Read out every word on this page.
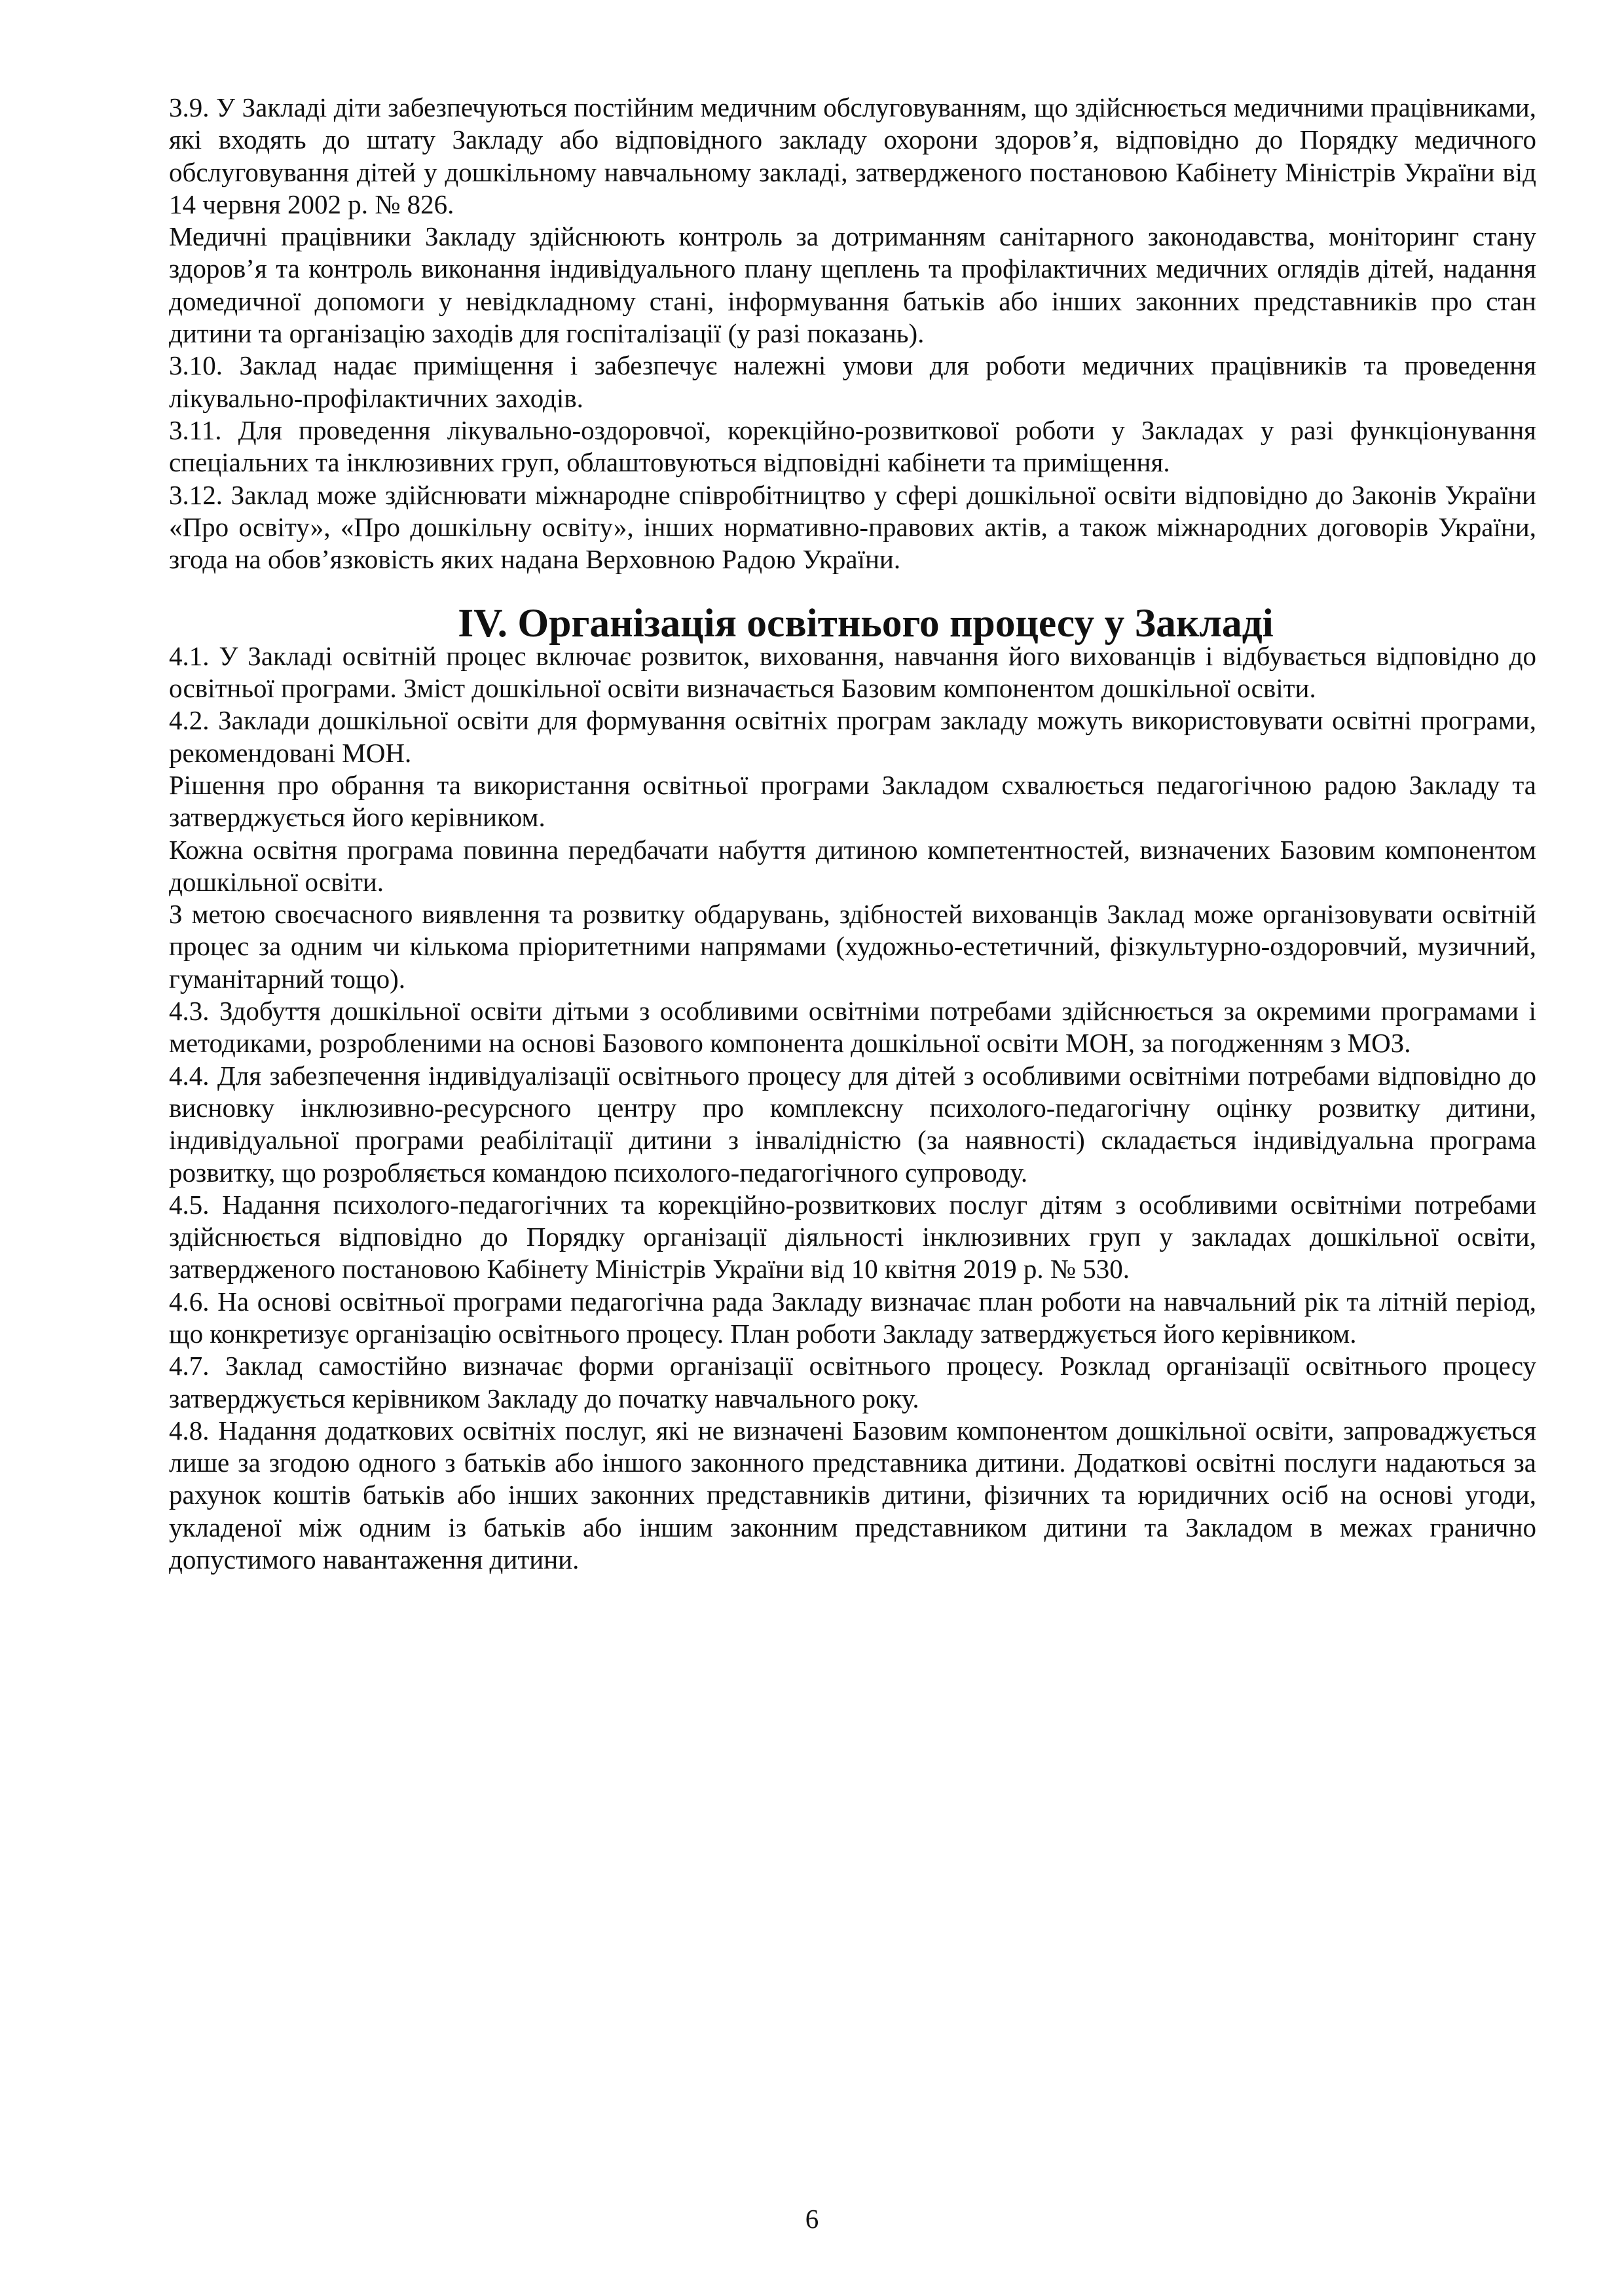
3.9. У Закладі діти забезпечуються постійним медичним обслуговуванням, що здійснюється медичними працівниками, які входять до штату Закладу або відповідного закладу охорони здоров’я, відповідно до Порядку медичного обслуговування дітей у дошкільному навчальному закладі, затвердженого постановою Кабінету Міністрів України від 14 червня 2002 р. № 826.

Медичні працівники Закладу здійснюють контроль за дотриманням санітарного законодавства, моніторинг стану здоров’я та контроль виконання індивідуального плану щеплень та профілактичних медичних оглядів дітей, надання домедичної допомоги у невідкладному стані, інформування батьків або інших законних представників про стан дитини та організацію заходів для госпіталізації (у разі показань).

3.10. Заклад надає приміщення і забезпечує належні умови для роботи медичних працівників та проведення лікувально-профілактичних заходів.

3.11. Для проведення лікувально-оздоровчої, корекційно-розвиткової роботи у Закладах у разі функціонування спеціальних та інклюзивних груп, облаштовуються відповідні кабінети та приміщення.

3.12. Заклад може здійснювати міжнародне співробітництво у сфері дошкільної освіти відповідно до Законів України «Про освіту», «Про дошкільну освіту», інших нормативно-правових актів, а також міжнародних договорів України, згода на обов’язковість яких надана Верховною Радою України.

IV. Організація освітнього процесу у Закладі

4.1. У Закладі освітній процес включає розвиток, виховання, навчання його вихованців і відбувається відповідно до освітньої програми. Зміст дошкільної освіти визначається Базовим компонентом дошкільної освіти.

4.2. Заклади дошкільної освіти для формування освітніх програм закладу можуть використовувати освітні програми, рекомендовані МОН.

Рішення про обрання та використання освітньої програми Закладом схвалюється педагогічною радою Закладу та затверджується його керівником.

Кожна освітня програма повинна передбачати набуття дитиною компетентностей, визначених Базовим компонентом дошкільної освіти.

З метою своєчасного виявлення та розвитку обдарувань, здібностей вихованців Заклад може організовувати освітній процес за одним чи кількома пріоритетними напрямами (художньо-естетичний, фізкультурно-оздоровчий, музичний, гуманітарний тощо).

4.3. Здобуття дошкільної освіти дітьми з особливими освітніми потребами здійснюється за окремими програмами і методиками, розробленими на основі Базового компонента дошкільної освіти МОН, за погодженням з МОЗ.

4.4. Для забезпечення індивідуалізації освітнього процесу для дітей з особливими освітніми потребами відповідно до висновку інклюзивно-ресурсного центру про комплексну психолого-педагогічну оцінку розвитку дитини, індивідуальної програми реабілітації дитини з інвалідністю (за наявності) складається індивідуальна програма розвитку, що розробляється командою психолого-педагогічного супроводу.

4.5. Надання психолого-педагогічних та корекційно-розвиткових послуг дітям з особливими освітніми потребами здійснюється відповідно до Порядку організації діяльності інклюзивних груп у закладах дошкільної освіти, затвердженого постановою Кабінету Міністрів України від 10 квітня 2019 р. № 530.

4.6. На основі освітньої програми педагогічна рада Закладу визначає план роботи на навчальний рік та літній період, що конкретизує організацію освітнього процесу. План роботи Закладу затверджується його керівником.

4.7. Заклад самостійно визначає форми організації освітнього процесу. Розклад організації освітнього процесу затверджується керівником Закладу до початку навчального року.

4.8. Надання додаткових освітніх послуг, які не визначені Базовим компонентом дошкільної освіти, запроваджується лише за згодою одного з батьків або іншого законного представника дитини. Додаткові освітні послуги надаються за рахунок коштів батьків або інших законних представників дитини, фізичних та юридичних осіб на основі угоди, укладеної між одним із батьків або іншим законним представником дитини та Закладом в межах гранично допустимого навантаження дитини.

6
